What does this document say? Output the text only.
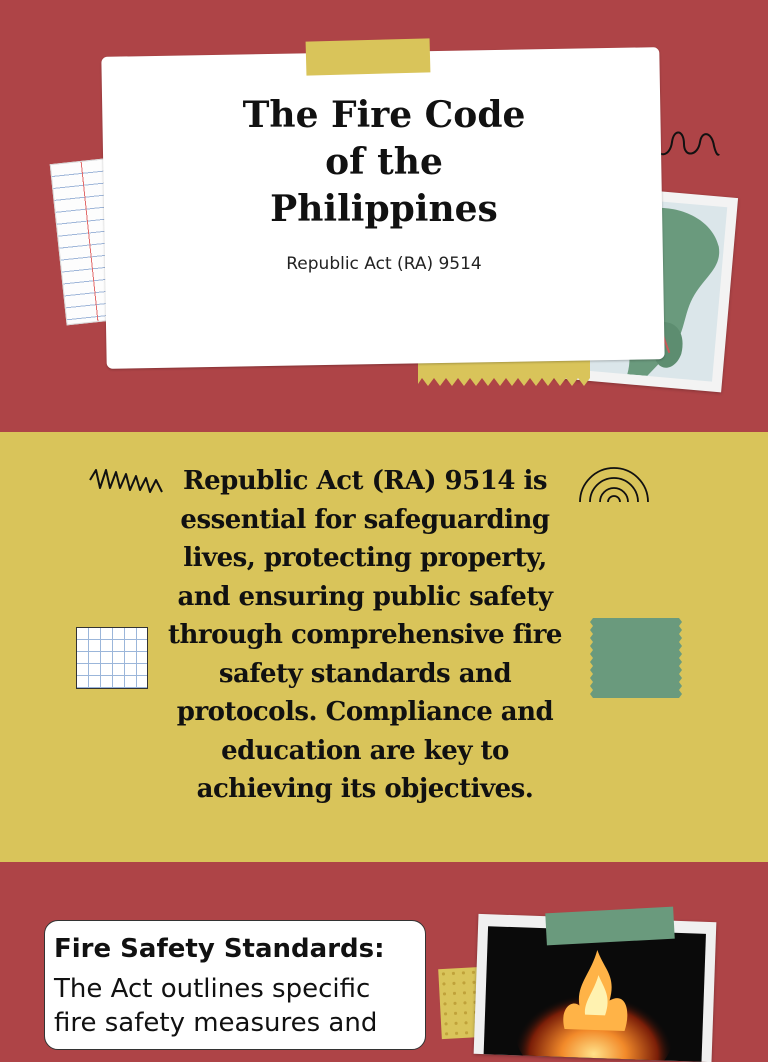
The Fire Code
of the
Philippines
Republic Act (RA) 9514
Republic Act (RA) 9514 is essential for safeguarding lives, protecting property, and ensuring public safety through comprehensive fire safety standards and protocols. Compliance and education are key to achieving its objectives.
Fire Safety Standards:
The Act outlines specific fire safety measures and
